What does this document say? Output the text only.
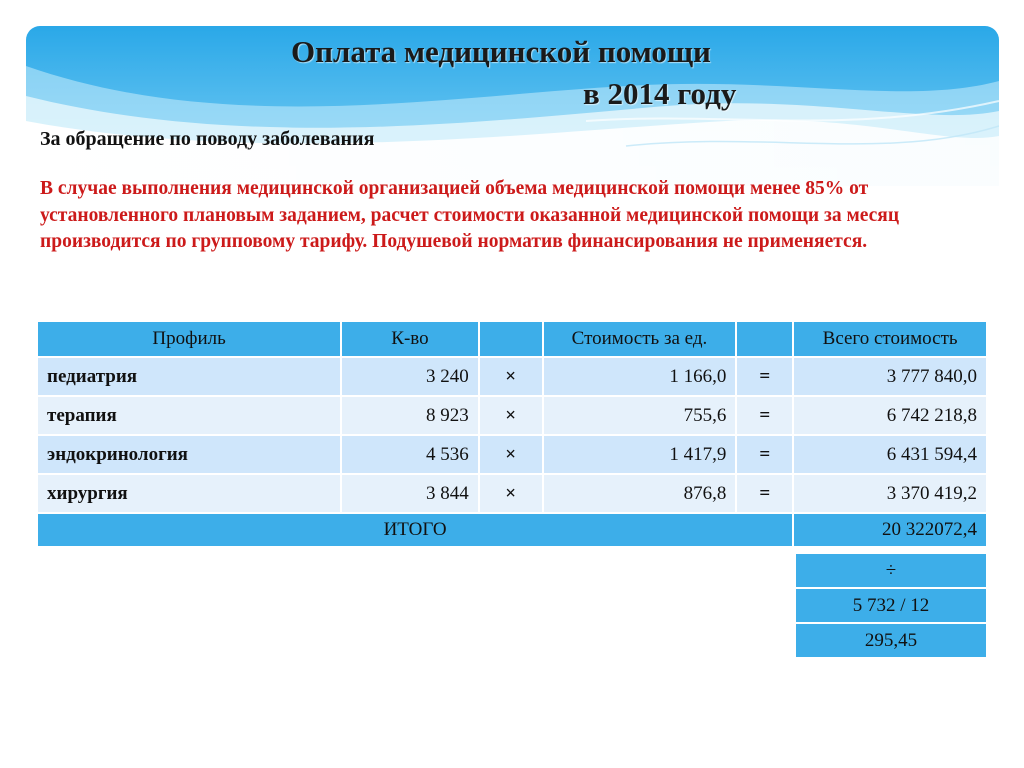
Оплата медицинской помощи
в 2014 году
За обращение по поводу заболевания
В случае выполнения медицинской организацией объема медицинской помощи менее 85% от установленного плановым заданием, расчет стоимости оказанной медицинской помощи за месяц производится по групповому тарифу. Подушевой норматив финансирования не применяется.
Профиль	К-во		Стоимость за ед.		Всего стоимость
педиатрия	3 240	×	1 166,0	=	3 777 840,0
терапия	8 923	×	755,6	=	6 742 218,8
эндокринология	4 536	×	1 417,9	=	6 431 594,4
хирургия	3 844	×	876,8	=	3 370 419,2
ИТОГО					20 322072,4
÷
5 732 / 12
295,45
